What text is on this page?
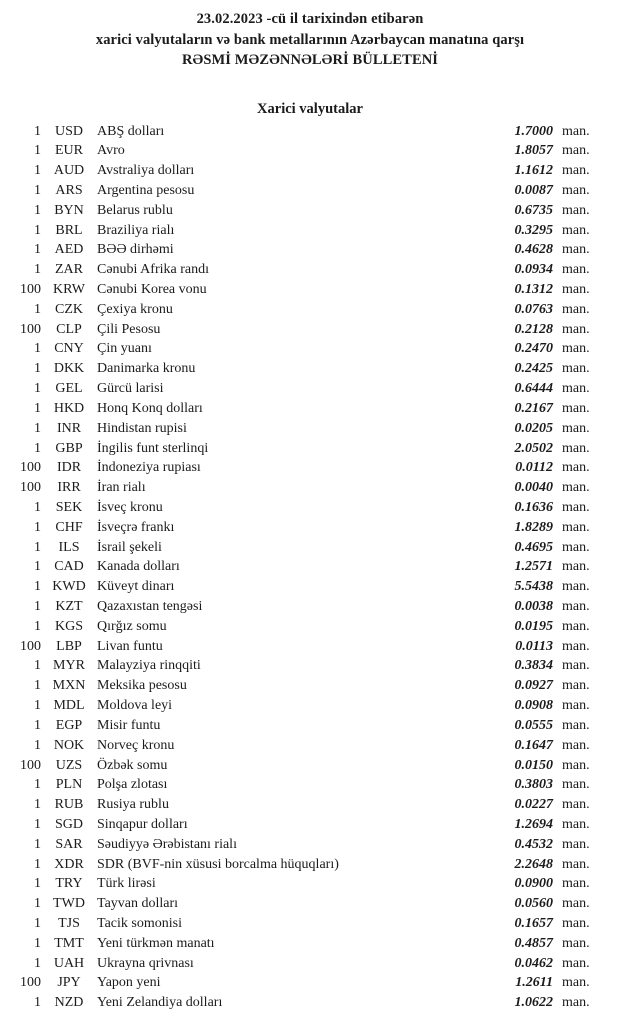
23.02.2023 -cü il tarixindən etibarən
xarici valyutaların və bank metallarının Azərbaycan manatına qarşı
RƏSMİ MƏZƏNNƏLƏRİ BÜLLETENİ
Xarici valyutalar
1 USD	ABŞ dolları	1.7000 man.
1	EUR	Avro	1.8057 man.
1 AUD Avstraliya dolları	1.1612 man.
1	ARS	Argentina pesosu	0.0087 man.
1 BYN Belarus rublu	0.6735 man.
1	BRL	Braziliya rialı	0.3295 man.
1 AED BƏƏ dirhəmi	0.4628 man.
1	ZAR	Cənubi Afrika randı	0.0934 man.
100 KRW Cənubi Korea vonu	0.1312 man.
1	CZK	Çexiya kronu	0.0763 man.
100	CLP	Çili Pesosu	0.2128 man.
1 CNY Çin yuanı	0.2470 man.
1 DKK Danimarka kronu	0.2425 man.
1	GEL	Gürcü larisi	0.6444 man.
1 HKD Honq Konq dolları	0.2167 man.
1	INR	Hindistan rupisi	0.0205 man.
1	GBP	İngilis funt sterlinqi	2.0502 man.
100	IDR	İndoneziya rupiası	0.0112 man.
100	IRR	İran rialı	0.0040 man.
1	SEK	İsveç kronu	0.1636 man.
1	CHF	İsveçrə frankı	1.8289 man.
1	ILS	İsrail şekeli	0.4695 man.
1 CAD Kanada dolları	1.2571 man.
1 KWD Küveyt dinarı	5.5438 man.
1	KZT	Qazaxıstan tengəsi	0.0038 man.
1 KGS	Qırğız somu	0.0195 man.
100	LBP	Livan funtu	0.0113 man.
1 MYR Malayziya rinqqiti	0.3834 man.
1 MXN Meksika pesosu	0.0927 man.
1 MDL Moldova leyi	0.0908 man.
1	EGP	Misir funtu	0.0555 man.
1 NOK Norveç kronu	0.1647 man.
100	UZS	Özbək somu	0.0150 man.
1	PLN	Polşa zlotası	0.3803 man.
1 RUB Rusiya rublu	0.0227 man.
1 SGD	Sinqapur dolları	1.2694 man.
1	SAR	Səudiyyə Ərəbistanı rialı	0.4532 man.
1 XDR SDR (BVF-nin xüsusi borcalma hüquqları)	2.2648 man.
1	TRY	Türk lirəsi	0.0900 man.
1 TWD Tayvan dolları	0.0560 man.
1	TJS	Tacik somonisi	0.1657 man.
1 TMT Yeni türkmən manatı	0.4857 man.
1 UAH Ukrayna qrivnası	0.0462 man.
100	JPY	Yapon yeni	1.2611 man.
1 NZD Yeni Zelandiya dolları	1.0622 man.
